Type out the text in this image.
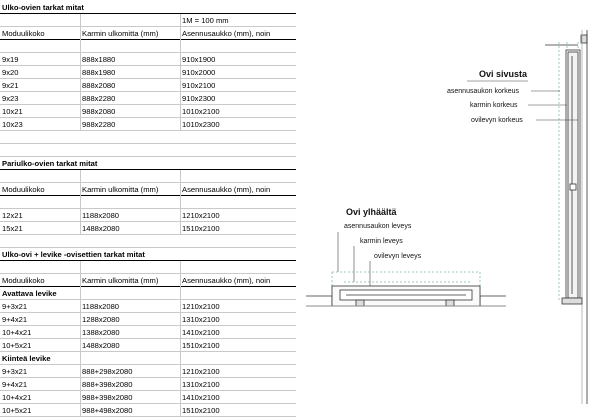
Ulko-ovien tarkat mitat
1M = 100 mm
Moduulikoko	Karmin ulkomitta (mm)	Asennusaukko (mm), noin
9x19	888x1880	910x1900
9x20	888x1980	910x2000
9x21	888x2080	910x2100
9x23	888x2280	910x2300
10x21	988x2080	1010x2100
10x23	988x2280	1010x2300
Pariulko-ovien tarkat mitat
Moduulikoko	Karmin ulkomitta (mm)	Asennusaukko (mm), noin
12x21	1188x2080	1210x2100
15x21	1488x2080	1510x2100
Ulko-ovi + levike -ovisettien tarkat mitat
Moduulikoko	Karmin ulkomitta (mm)	Asennusaukko (mm), noin
Avattava levike
9+3x21	1188x2080	1210x2100
9+4x21	1288x2080	1310x2100
10+4x21	1388x2080	1410x2100
10+5x21	1488x2080	1510x2100
Kiinteä levike
9+3x21	888+298x2080	1210x2100
9+4x21	888+398x2080	1310x2100
10+4x21	988+398x2080	1410x2100
10+5x21	988+498x2080	1510x2100
Ovi sivusta
asennusaukon korkeus
karmin korkeus
ovilevyn korkeus
Ovi ylhäältä
asennusaukon leveys
karmin leveys
ovilevyn leveys
